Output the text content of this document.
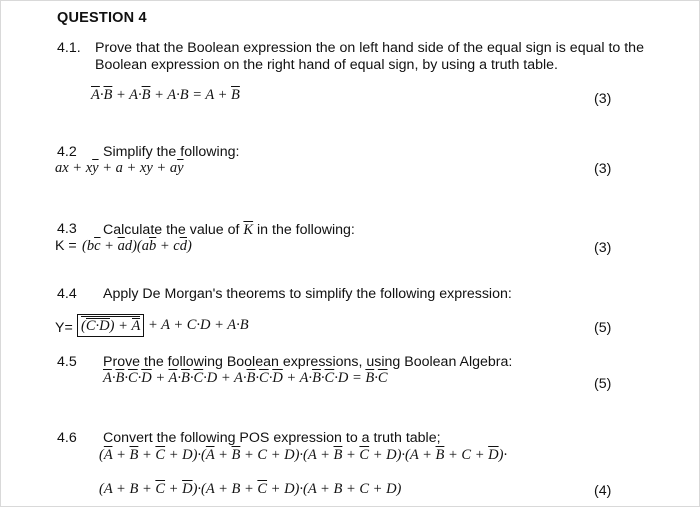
QUESTION 4
4.1. Prove that the Boolean expression the on left hand side of the equal sign is equal to the
Boolean expression on the right hand of equal sign, by using a truth table.
$\overline{A}\cdot\overline{B} + A\cdot\overline{B} + A\cdot B = A + \overline{B}$	(3)
4.2 Simplify the following:
ax + $x\overline{y} + a$ + xy + $a\overline{y}$	(3)
4.3 Calculate the value of $\overline{K}$ in the following:
$K = (b\overline{c} + \overline{a}d)(a\overline{b} + c\overline{d})$	(3)
4.4 Apply De Morgan's theorems to simplify the following expression:
Y= (C·D) + A + A + C·D + A·B	(5)
4.5 Prove the following Boolean expressions, using Boolean Algebra:
$\overline{A}\cdot\overline{B}\cdot\overline{C}\cdot\overline{D} + \overline{A}\cdot\overline{B}\cdot\overline{C}\cdot D + A\cdot\overline{B}\cdot\overline{C}\cdot\overline{D} + A\cdot\overline{B}\cdot\overline{C}\cdot D = \overline{B}\cdot\overline{C}$	(5)
4.6 Convert the following POS expression to a truth table;
$(\overline{A} + \overline{B} + \overline{C} + D)\cdot(\overline{A} + \overline{B} + C + D)\cdot(A + \overline{B} + \overline{C} + D)\cdot(A + \overline{B} + C + \overline{D})\cdot$
$(A + B + \overline{C} + \overline{D})\cdot(A + B + \overline{C} + D)\cdot(A + B + C + D)$	(4)
